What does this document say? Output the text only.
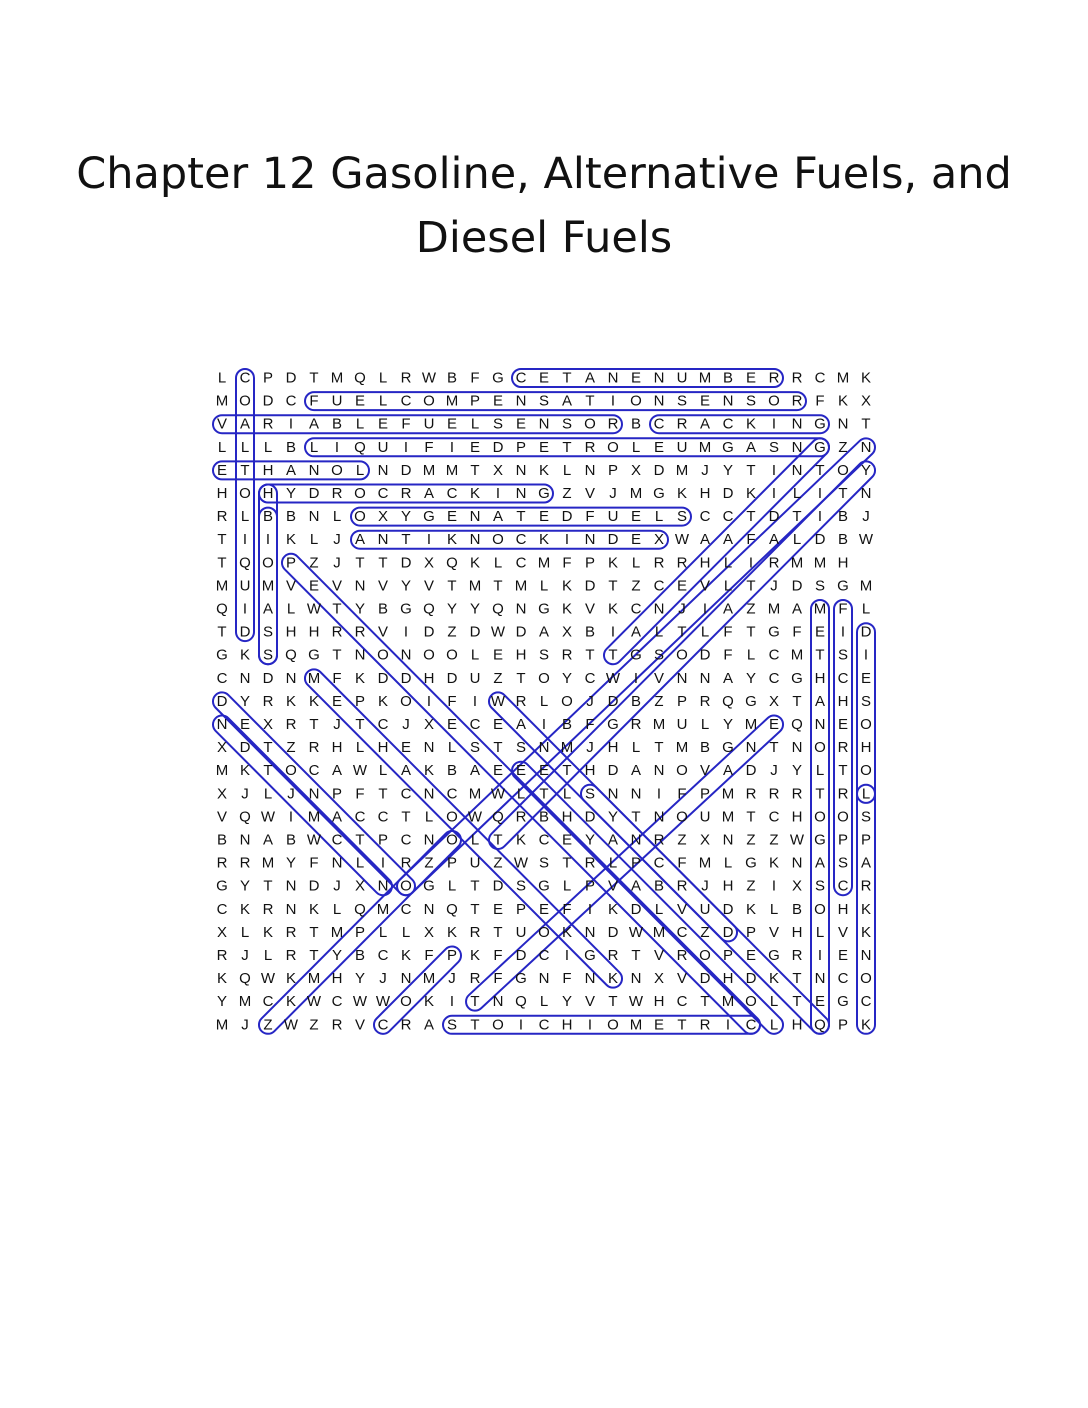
Chapter 12 Gasoline, Alternative Fuels, and
Diesel Fuels
L C P D T M Q L R W B F G C E T A N E N U M B E R R C M K
M O D C F U E L C O M P E N S A T I O N S E N S O R F K X
V A R I A B L E F U E L S E N S O R B C R A C K I N G N T
L L L B L I Q U I F I E D P E T R O L E U M G A S N G Z N
E T H A N O L N D M M T X N K L N P X D M J Y T I N T O Y
H O H Y D R O C R A C K I N G Z V J M G K H D K I L I T N
R L B B N L O X Y G E N A T E D F U E L S C C T D T I B J
T I I K L J A N T I K N O C K I N D E X W A A F A L D B W
T Q O P Z J T T D X Q K L C M F P K L R R H L I R M M H
M U M V E V N V Y V T M T M L K D T Z C E V L T J D S G M
Q I A L W T Y B G Q Y Y Q N G K V K C N J I A Z M A M F L
T D S H H R R V I D Z D W D A X B I A L T L F T G F E I D
G K S Q G T N O N O O L E H S R T T G S O D F L C M T S I
C N D N M F K D D H D U Z T O Y C W I V N N A Y C G H C E
D Y R K K E P K O I F I W R L O J D B Z P R Q G X T A H S
N E X R T J T C J X E C E A I B F G R M U L Y M E Q N E O
X D T Z R H L H E N L S T S N M J H L T M B G N T N O R H
M K T O C A W L A K B A E E E T H D A N O V A D J Y L T O
X J L J N P F T C N C M W L T L S N N I F P M R R R T R L
V Q W I M A C C T L O W Q R B H D Y T N O U M T C H O O S
B N A B W C T P C N O L T K C E Y A N R Z X N Z Z W G P P
R R M Y F N L I R Z P U Z W S T R L P C F M L G K N A S A
G Y T N D J X N O G L T D S G L P V A B R J H Z I X S C R
C K R N K L Q M C N Q T E P E F I K D L V U D K L B O H K
X L K R T M P L L X K R T U O K N D W M C Z D P V H L V K
R J L R T Y B C K F P K F D C I G R T V R O P E G R I E N
K Q W K M H Y J N M J R F G N F N K N X V D H D K T N C O
Y M C K W C W W O K I T N Q L Y V T W H C T M O L T E G C
M J Z W Z R V C R A S T O I C H I O M E T R I C L H Q P K
